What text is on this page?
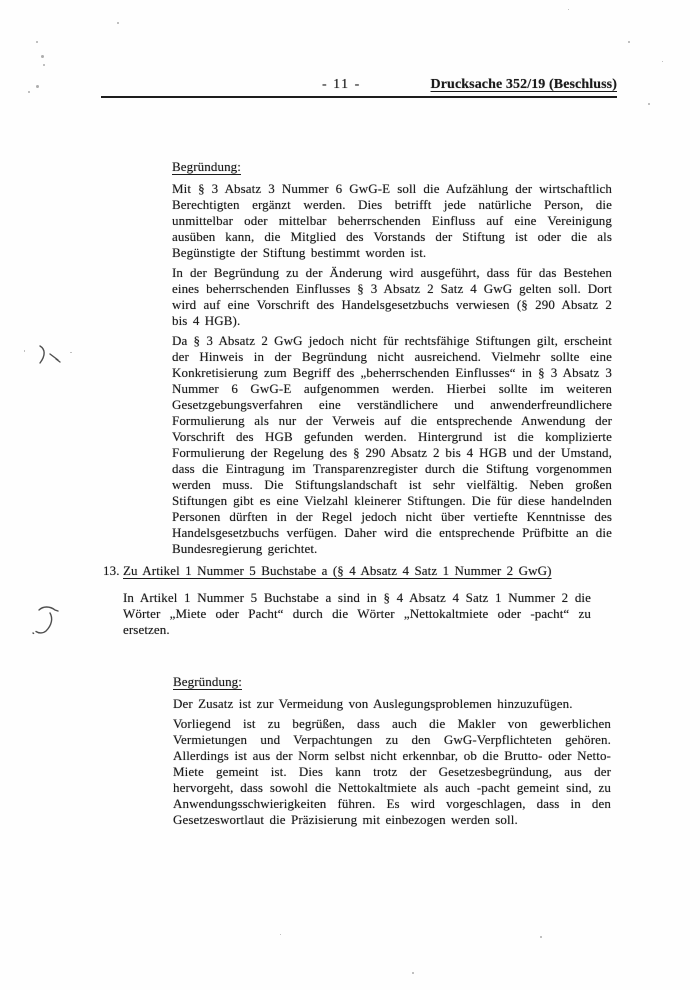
- 11 -	Drucksache 352/19 (Beschluss)
Begründung:

Mit § 3 Absatz 3 Nummer 6 GwG-E soll die Aufzählung der wirtschaftlich Berechtigten ergänzt werden. Dies betrifft jede natürliche Person, die unmittelbar oder mittelbar beherrschenden Einfluss auf eine Vereinigung ausüben kann, die Mitglied des Vorstands der Stiftung ist oder die als Begünstigte der Stiftung bestimmt worden ist.

In der Begründung zu der Änderung wird ausgeführt, dass für das Bestehen eines beherrschenden Einflusses § 3 Absatz 2 Satz 4 GwG gelten soll. Dort wird auf eine Vorschrift des Handelsgesetzbuchs verwiesen (§ 290 Absatz 2 bis 4 HGB).

Da § 3 Absatz 2 GwG jedoch nicht für rechtsfähige Stiftungen gilt, erscheint der Hinweis in der Begründung nicht ausreichend. Vielmehr sollte eine Konkretisierung zum Begriff des „beherrschenden Einflusses“ in § 3 Absatz 3 Nummer 6 GwG-E aufgenommen werden. Hierbei sollte im weiteren Gesetzgebungsverfahren eine verständlichere und anwenderfreundlichere Formulierung als nur der Verweis auf die entsprechende Anwendung der Vorschrift des HGB gefunden werden. Hintergrund ist die komplizierte Formulierung der Regelung des § 290 Absatz 2 bis 4 HGB und der Umstand, dass die Eintragung im Transparenzregister durch die Stiftung vorgenommen werden muss. Die Stiftungslandschaft ist sehr vielfältig. Neben großen Stiftungen gibt es eine Vielzahl kleinerer Stiftungen. Die für diese handelnden Personen dürften in der Regel jedoch nicht über vertiefte Kenntnisse des Handelsgesetzbuchs verfügen. Daher wird die entsprechende Prüfbitte an die Bundesregierung gerichtet.

13. Zu Artikel 1 Nummer 5 Buchstabe a (§ 4 Absatz 4 Satz 1 Nummer 2 GwG)

In Artikel 1 Nummer 5 Buchstabe a sind in § 4 Absatz 4 Satz 1 Nummer 2 die Wörter „Miete oder Pacht“ durch die Wörter „Nettokaltmiete oder -pacht“ zu ersetzen.

Begründung:

Der Zusatz ist zur Vermeidung von Auslegungsproblemen hinzuzufügen.

Vorliegend ist zu begrüßen, dass auch die Makler von gewerblichen Vermietungen und Verpachtungen zu den GwG-Verpflichteten gehören. Allerdings ist aus der Norm selbst nicht erkennbar, ob die Brutto- oder Netto-Miete gemeint ist. Dies kann trotz der Gesetzesbegründung, aus der hervorgeht, dass sowohl die Nettokaltmiete als auch -pacht gemeint sind, zu Anwendungsschwierigkeiten führen. Es wird vorgeschlagen, dass in den Gesetzeswortlaut die Präzisierung mit einbezogen werden soll.
